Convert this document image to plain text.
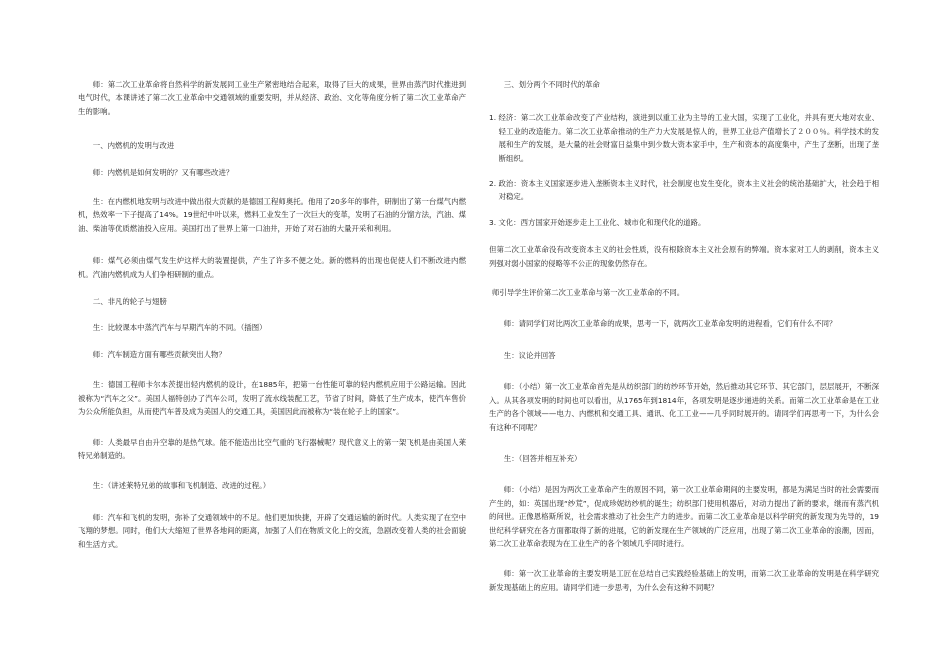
师：第二次工业革命将自然科学的新发展同工业生产紧密地结合起来，取得了巨大的成果，世界由蒸汽时代推进到电气时代，本课讲述了第二次工业革命中交通领域的重要发明，并从经济、政治、文化等角度分析了第二次工业革命产生的影响。

一、内燃机的发明与改进

师：内燃机是如何发明的？又有哪些改进？

生：在内燃机地发明与改进中做出很大贡献的是德国工程师奥托。他用了20多年的事件，研制出了第一台煤气内燃机，热效率一下子提高了14%。19世纪中叶以来，燃料工业发生了一次巨大的变革，发明了石油的分馏方法，汽油、煤油、柴油等优质燃油投入应用。美国打出了世界上第一口油井，开始了对石油的大量开采和利用。

师：煤气必须由煤气发生炉这样大的装置提供，产生了许多不便之处。新的燃料的出现也促使人们不断改进内燃机。汽油内燃机成为人们争相研制的重点。

二、非凡的轮子与翅膀

生：比较课本中蒸汽汽车与早期汽车的不同。（插图）

师：汽车制造方面有哪些贡献突出人物？

生：德国工程师卡尔本茨提出轻内燃机的设计，在1885年，把第一台性能可靠的轻内燃机应用于公路运输。因此被称为“汽车之父”。美国人福特创办了汽车公司，发明了流水线装配工艺，节省了时间，降低了生产成本，使汽车售价为公众所能负担，从而使汽车普及成为美国人的交通工具，美国因此而被称为“装在轮子上的国家”。

师：人类最早自由升空靠的是热气球。能不能造出比空气重的飞行器械呢？现代意义上的第一架飞机是由美国人莱特兄弟制造的。

生：（讲述莱特兄弟的故事和飞机制造、改进的过程。）

师：汽车和飞机的发明，弥补了交通领域中的不足。他们更加快捷，开辟了交通运输的新时代。人类实现了在空中飞翔的梦想。同时，他们大大缩短了世界各地间的距离，加强了人们在物质文化上的交流，急剧改变着人类的社会面貌和生活方式。

三、划分两个不同时代的革命

1. 经济：第二次工业革命改变了产业结构，演进到以重工业为主导的工业大国，实现了工业化，并具有更大地对农业、轻工业的改造能力。第二次工业革命推动的生产力大发展是惊人的，世界工业总产值增长了２００％。科学技术的发展和生产的发展，是大量的社会财富日益集中到少数大资本家手中，生产和资本的高度集中，产生了垄断，出现了垄断组织。

2. 政治：资本主义国家逐步进入垄断资本主义时代，社会制度也发生变化，资本主义社会的统治基础扩大，社会趋于相对稳定。

3. 文化：西方国家开始逐步走上工业化、城市化和现代化的道路。

但第二次工业革命没有改变资本主义的社会性质，没有根除资本主义社会原有的弊端。资本家对工人的剥削，资本主义列强对弱小国家的侵略等不公正的现象仍然存在。

师引导学生评价第二次工业革命与第一次工业革命的不同。

师：请同学们对比两次工业革命的成果，思考一下，就两次工业革命发明的进程看，它们有什么不同？

生：议论并回答

师：（小结）第一次工业革命首先是从纺织部门的纺纱环节开始，然后推动其它环节、其它部门，层层展开，不断深入。从其各项发明的时间也可以看出，从1765年到1814年，各项发明是逐步递进的关系。而第二次工业革命是在工业生产的各个领域——电力、内燃机和交通工具、通讯、化工工业——几乎同时展开的。请同学们再思考一下，为什么会有这种不同呢？

生：（回答并相互补充）

师：（小结）是因为两次工业革命产生的原因不同，第一次工业革命期间的主要发明，都是为满足当时的社会需要而产生的，如：英国出现“纱荒”，促成珍妮纺纱机的诞生；纺织部门使用机器后，对动力提出了新的要求，继而有蒸汽机的问世。正像恩格斯所说，社会需求推动了社会生产力的进步。而第二次工业革命是以科学研究的新发现为先导的，19世纪科学研究在各方面都取得了新的进展，它的新发现在生产领域的广泛应用，出现了第二次工业革命的浪潮，因而，第二次工业革命表现为在工业生产的各个领域几乎同时进行。

师：第一次工业革命的主要发明是工匠在总结自己实践经验基础上的发明，而第二次工业革命的发明是在科学研究新发现基础上的应用。请同学们进一步思考，为什么会有这种不同呢？
